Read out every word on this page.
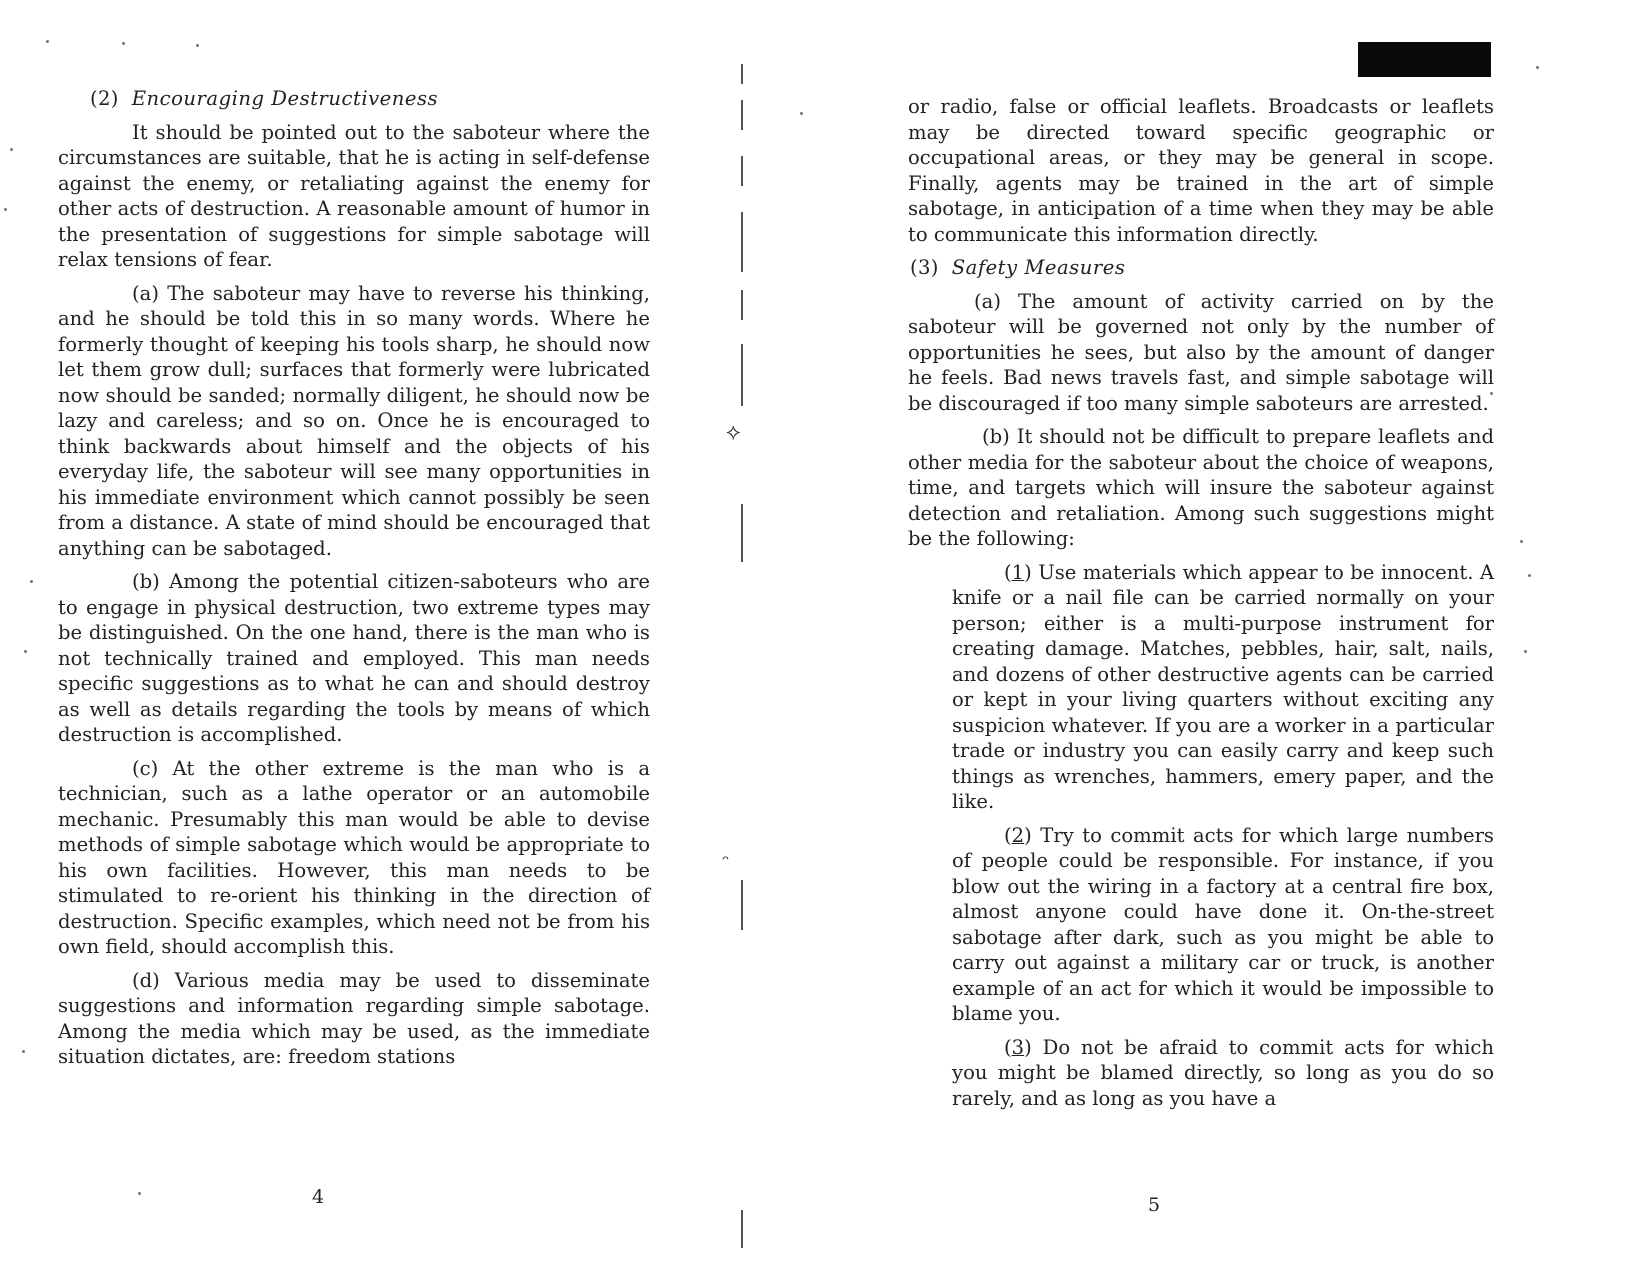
(2) Encouraging Destructiveness

It should be pointed out to the saboteur where the circumstances are suitable, that he is acting in self-defense against the enemy, or retaliating against the enemy for other acts of destruction. A reasonable amount of humor in the presentation of suggestions for simple sabotage will relax tensions of fear.

(a) The saboteur may have to reverse his thinking, and he should be told this in so many words. Where he formerly thought of keeping his tools sharp, he should now let them grow dull; surfaces that formerly were lubricated now should be sanded; normally diligent, he should now be lazy and careless; and so on. Once he is encouraged to think backwards about himself and the objects of his everyday life, the saboteur will see many opportunities in his immediate environment which cannot possibly be seen from a distance. A state of mind should be encouraged that anything can be sabotaged.

(b) Among the potential citizen-saboteurs who are to engage in physical destruction, two extreme types may be distinguished. On the one hand, there is the man who is not technically trained and employed. This man needs specific suggestions as to what he can and should destroy as well as details regarding the tools by means of which destruction is accomplished.

(c) At the other extreme is the man who is a technician, such as a lathe operator or an automobile mechanic. Presumably this man would be able to devise methods of simple sabotage which would be appropriate to his own facilities. However, this man needs to be stimulated to re-orient his thinking in the direction of destruction. Specific examples, which need not be from his own field, should accomplish this.

(d) Various media may be used to disseminate suggestions and information regarding simple sabotage. Among the media which may be used, as the immediate situation dictates, are: freedom stations

4
⟡
ᵔ

or radio, false or official leaflets. Broadcasts or leaflets may be directed toward specific geographic or occupational areas, or they may be general in scope. Finally, agents may be trained in the art of simple sabotage, in anticipation of a time when they may be able to communicate this information directly.

(3) Safety Measures

(a) The amount of activity carried on by the saboteur will be governed not only by the number of opportunities he sees, but also by the amount of danger he feels. Bad news travels fast, and simple sabotage will be discouraged if too many simple saboteurs are arrested.

(b) It should not be difficult to prepare leaflets and other media for the saboteur about the choice of weapons, time, and targets which will insure the saboteur against detection and retaliation. Among such suggestions might be the following:

(1) Use materials which appear to be innocent. A knife or a nail file can be carried normally on your person; either is a multi-purpose instrument for creating damage. Matches, pebbles, hair, salt, nails, and dozens of other destructive agents can be carried or kept in your living quarters without exciting any suspicion whatever. If you are a worker in a particular trade or industry you can easily carry and keep such things as wrenches, hammers, emery paper, and the like.

(2) Try to commit acts for which large numbers of people could be responsible. For instance, if you blow out the wiring in a factory at a central fire box, almost anyone could have done it. On-the-street sabotage after dark, such as you might be able to carry out against a military car or truck, is another example of an act for which it would be impossible to blame you.

(3) Do not be afraid to commit acts for which you might be blamed directly, so long as you do so rarely, and as long as you have a

5
